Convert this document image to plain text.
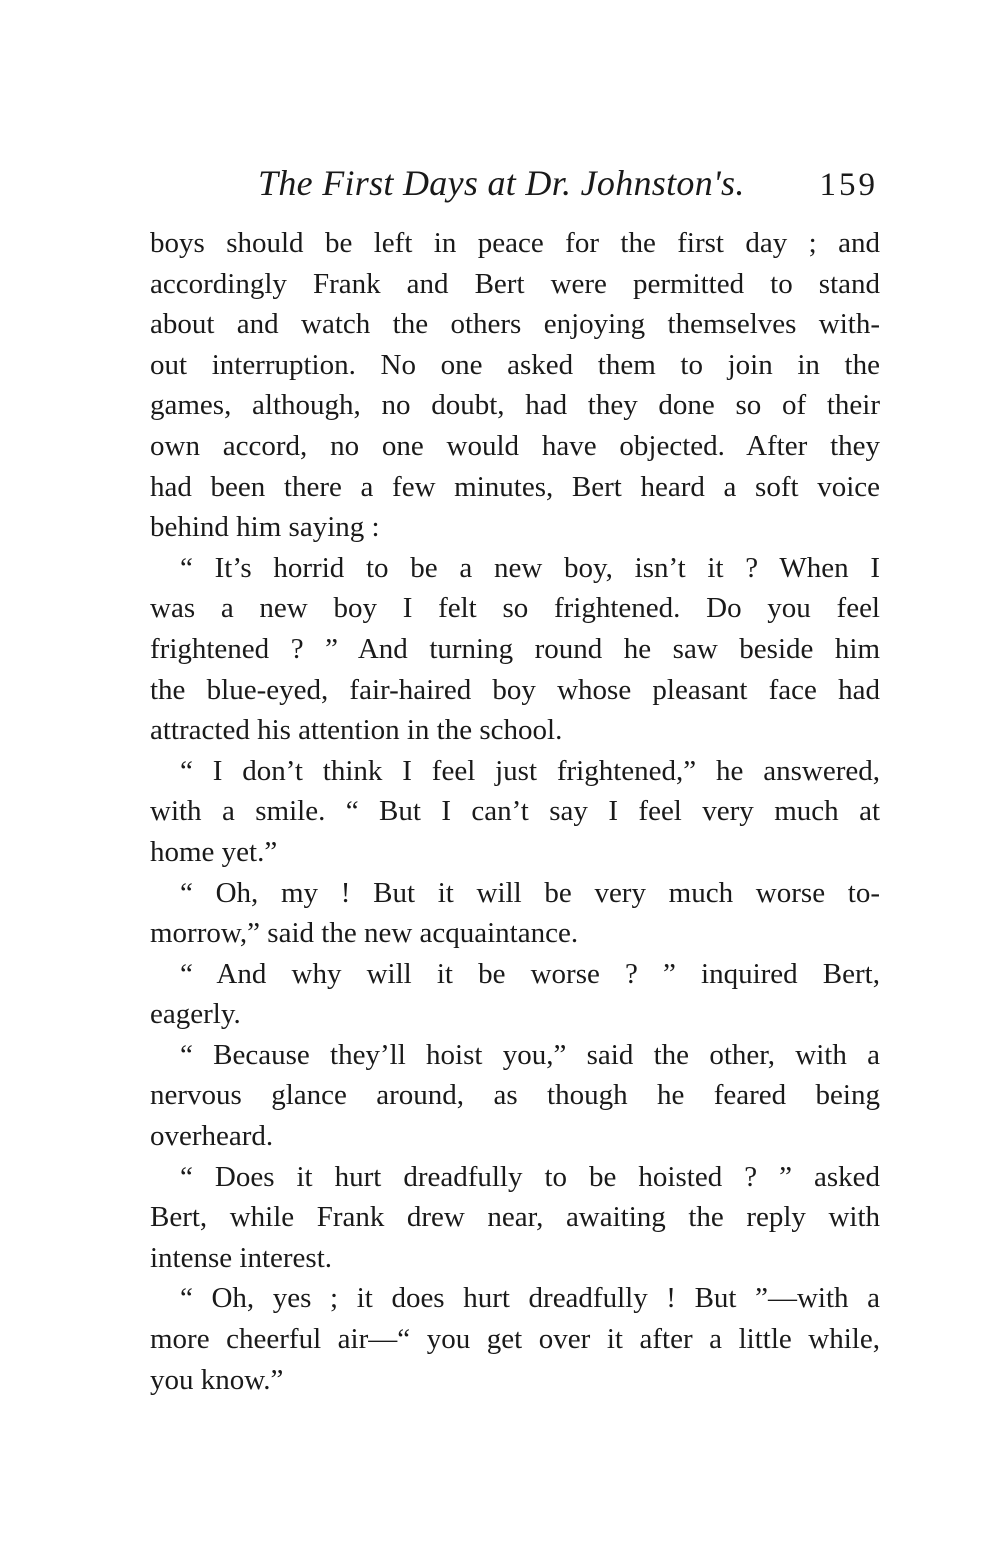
The First Days at Dr. Johnston's. 159
boys should be left in peace for the first day ; and
accordingly Frank and Bert were permitted to stand
about and watch the others enjoying themselves with-
out interruption. No one asked them to join in the
games, although, no doubt, had they done so of their
own accord, no one would have objected. After they
had been there a few minutes, Bert heard a soft voice
behind him saying :
“ It’s horrid to be a new boy, isn’t it ? When I
was a new boy I felt so frightened. Do you feel
frightened ? ” And turning round he saw beside him
the blue-eyed, fair-haired boy whose pleasant face had
attracted his attention in the school.
“ I don’t think I feel just frightened,” he answered,
with a smile. “ But I can’t say I feel very much at
home yet.”
“ Oh, my ! But it will be very much worse to-
morrow,” said the new acquaintance.
“ And why will it be worse ? ” inquired Bert,
eagerly.
“ Because they’ll hoist you,” said the other, with a
nervous glance around, as though he feared being
overheard.
“ Does it hurt dreadfully to be hoisted ? ” asked
Bert, while Frank drew near, awaiting the reply with
intense interest.
“ Oh, yes ; it does hurt dreadfully ! But ”—with a
more cheerful air—“ you get over it after a little while,
you know.”
